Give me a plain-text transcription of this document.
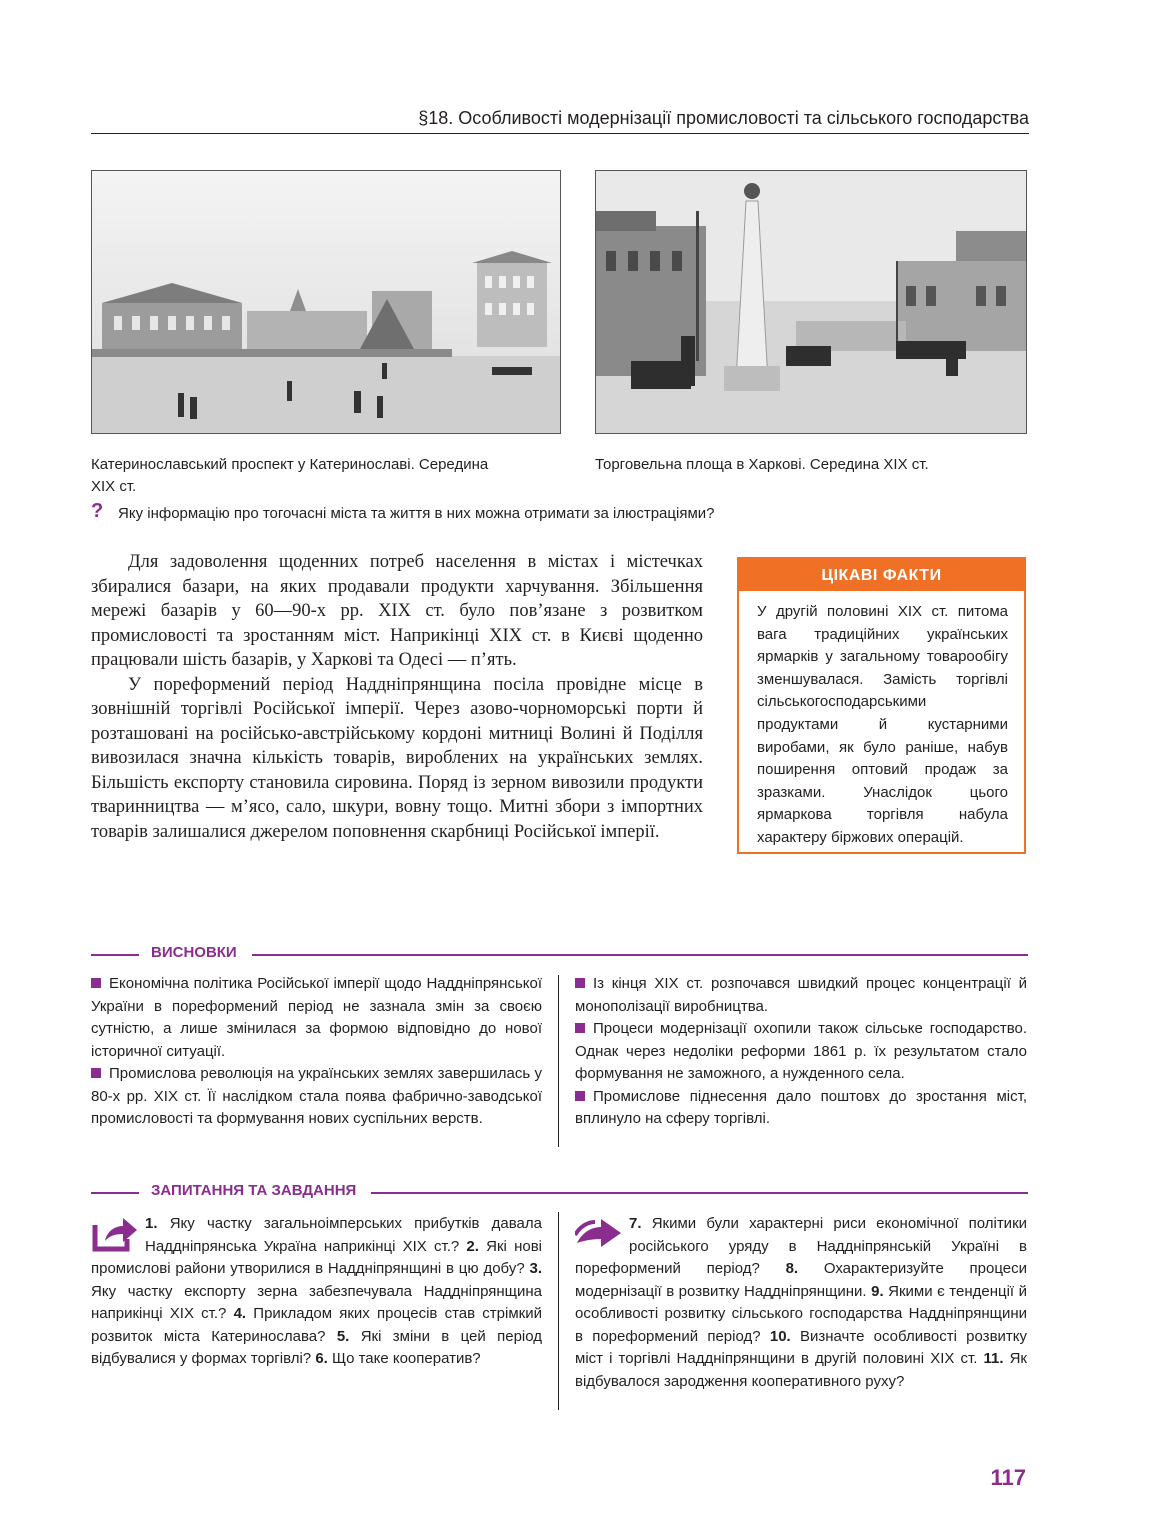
§18. Особливості модернізації промисловості та сільського господарства
Катеринославський проспект у Катеринославі. Середина XIX ст.
Торговельна площа в Харкові. Середина XIX ст.
? Яку інформацію про тогочасні міста та життя в них можна отримати за ілюстраціями?

Для задоволення щоденних потреб населення в містах і містечках збиралися базари, на яких продавали продукти харчування. Збільшення мережі базарів у 60—90-х рр. XIX ст. було пов’язане з розвитком промисловості та зростанням міст. Наприкінці XIX ст. в Києві щоденно працювали шість базарів, у Харкові та Одесі — п’ять.

У пореформений період Наддніпрянщина посіла провідне місце в зовнішній торгівлі Російської імперії. Через азово-чорноморські порти й розташовані на російсько-австрійському кордоні митниці Волині й Поділля вивозилася значна кількість товарів, вироблених на українських землях. Більшість експорту становила сировина. Поряд із зерном вивозили продукти тваринництва — м’ясо, сало, шкури, вовну тощо. Митні збори з імпортних товарів залишалися джерелом поповнення скарбниці Російської імперії.

ЦІКАВІ ФАКТИ
У другій половині XIX ст. питома вага традиційних українських ярмарків у загальному товарообігу зменшувалася. Замість торгівлі сільськогосподарськими продуктами й кустарними виробами, як було раніше, набув поширення оптовий продаж за зразками. Унаслідок цього ярмаркова торгівля набула характеру біржових операцій.
ВИСНОВКИ

Економічна політика Російської імперії щодо Наддніпрянської України в пореформений період не зазнала змін за своєю сутністю, а лише змінилася за формою відповідно до нової історичної ситуації.

Промислова революція на українських землях завершилась у 80-х рр. XIX ст. Її наслідком стала поява фабрично-заводської промисловості та формування нових суспільних верств.

Із кінця XIX ст. розпочався швидкий процес концентрації й монополізації виробництва.

Процеси модернізації охопили також сільське господарство. Однак через недоліки реформи 1861 р. їх результатом стало формування не заможного, а нужденного села.

Промислове піднесення дало поштовх до зростання міст, вплинуло на сферу торгівлі.

ЗАПИТАННЯ ТА ЗАВДАННЯ
1. Яку частку загальноімперських прибутків давала Наддніпрянська Україна наприкінці XIX ст.? 2. Які нові промислові райони утворилися в Наддніпрянщині в цю добу? 3. Яку частку експорту зерна забезпечувала Наддніпрянщина наприкінці XIX ст.? 4. Прикладом яких процесів став стрімкий розвиток міста Катеринослава? 5. Які зміни в цей період відбувалися у формах торгівлі? 6. Що таке кооператив?
7. Якими були характерні риси економічної політики російського уряду в Наддніпрянській Україні в пореформений період? 8. Охарактеризуйте процеси модернізації в розвитку Наддніпрянщини. 9. Якими є тенденції й особливості розвитку сільського господарства Наддніпрянщини в пореформений період? 10. Визначте особливості розвитку міст і торгівлі Наддніпрянщини в другій половині XIX ст. 11. Як відбувалося зародження кооперативного руху?
117
